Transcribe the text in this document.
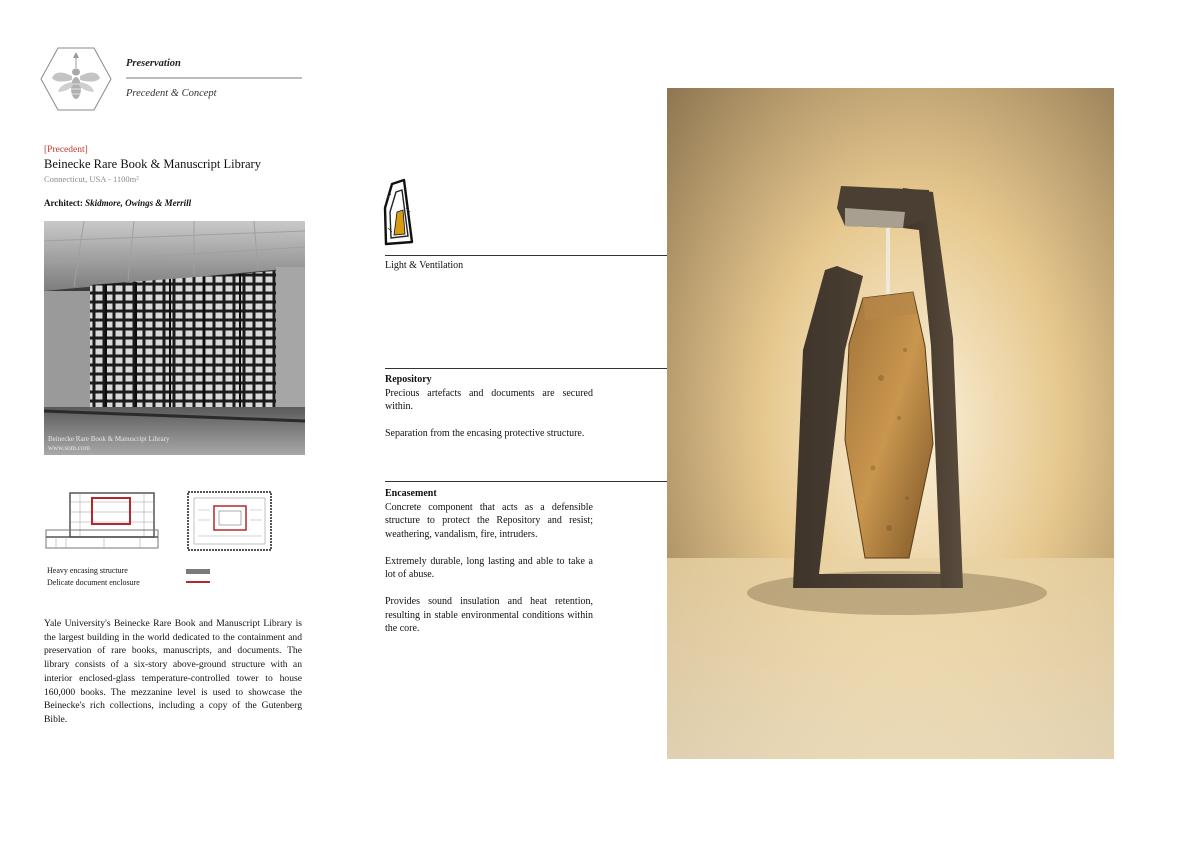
Preservation
Precedent & Concept
[Precedent]
Beinecke Rare Book & Manuscript Library
Connecticut, USA - 1100m²
Architect: Skidmore, Owings & Merrill
Beinecke Rare Book & Manuscript Library
www.som.com
Heavy encasing structure
Delicate document enclosure
Yale University's Beinecke Rare Book and Manuscript Library is the largest building in the world dedicated to the containment and preservation of rare books, manuscripts, and documents. The library consists of a six-story above-ground structure with an interior enclosed-glass temperature-controlled tower to house 160,000 books. The mezzanine level is used to showcase the Beinecke's rich collections, including a copy of the Gutenberg Bible.
Light & Ventilation
Repository
Precious artefacts and documents are secured within.
Separation from the encasing protective structure.
Encasement
Concrete component that acts as a defensible structure to protect the Repository and resist; weathering, vandalism, fire, intruders.
Extremely durable, long lasting and able to take a lot of abuse.
Provides sound insulation and heat retention, resulting in stable environmental conditions within the core.
